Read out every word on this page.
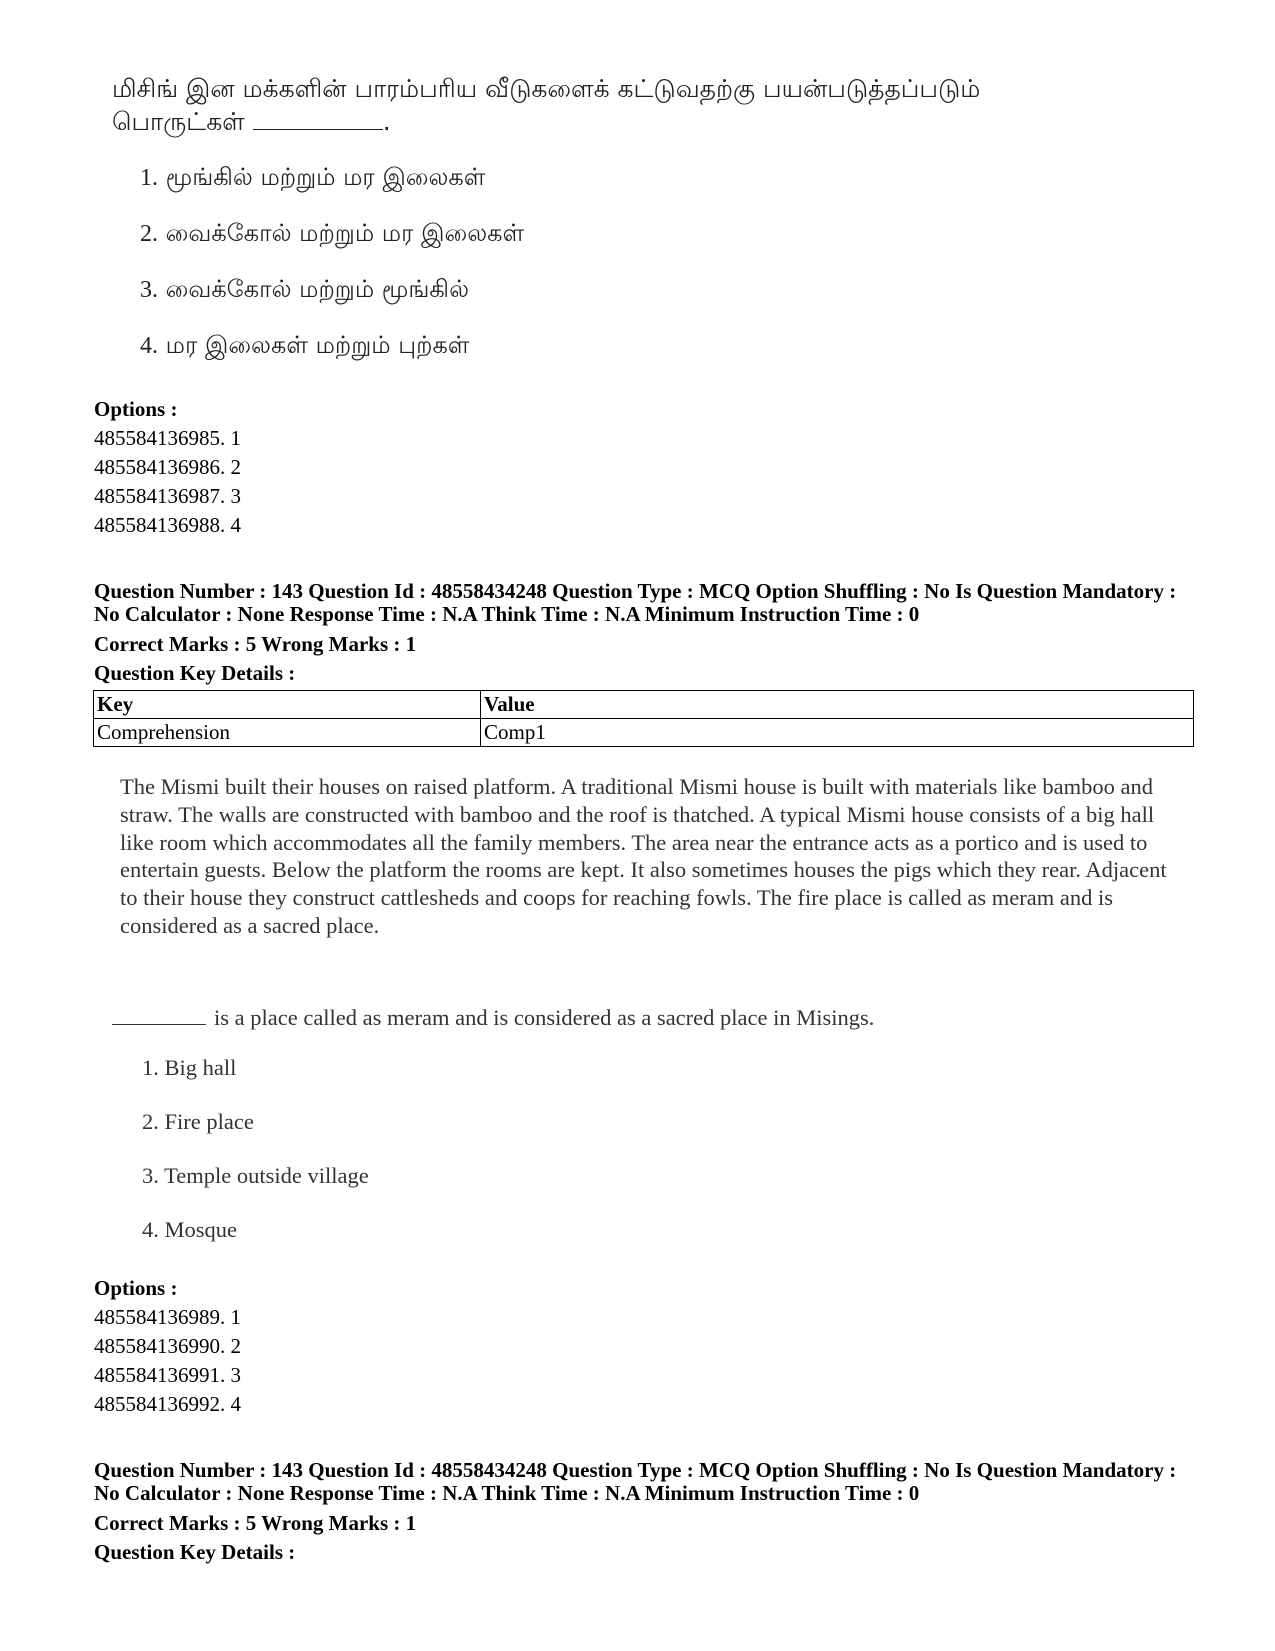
மிசிங் இன மக்களின் பாரம்பரிய வீடுகளைக் கட்டுவதற்கு பயன்படுத்தப்படும்
பொருட்கள்	.
1. மூங்கில் மற்றும் மர இலைகள்
2. வைக்கோல் மற்றும் மர இலைகள்
3. வைக்கோல் மற்றும் மூங்கில்
4. மர இலைகள் மற்றும் புற்கள்
Options :
485584136985. 1
485584136986. 2
485584136987. 3
485584136988. 4
Question Number : 143 Question Id : 48558434248 Question Type : MCQ Option Shuffling : No Is Question Mandatory :
No Calculator : None Response Time : N.A Think Time : N.A Minimum Instruction Time : 0
Correct Marks : 5 Wrong Marks : 1
Question Key Details :
Key	Value
Comprehension	Comp1
The Mismi built their houses on raised platform. A traditional Mismi house is built with materials like bamboo and straw. The walls are constructed with bamboo and the roof is thatched. A typical Mismi house consists of a big hall like room which accommodates all the family members. The area near the entrance acts as a portico and is used to entertain guests. Below the platform the rooms are kept. It also sometimes houses the pigs which they rear. Adjacent to their house they construct cattlesheds and coops for reaching fowls. The fire place is called as meram and is considered as a sacred place.
is a place called as meram and is considered as a sacred place in Misings.
1. Big hall
2. Fire place
3. Temple outside village
4. Mosque
Options :
485584136989. 1
485584136990. 2
485584136991. 3
485584136992. 4
Question Number : 143 Question Id : 48558434248 Question Type : MCQ Option Shuffling : No Is Question Mandatory :
No Calculator : None Response Time : N.A Think Time : N.A Minimum Instruction Time : 0
Correct Marks : 5 Wrong Marks : 1
Question Key Details :
